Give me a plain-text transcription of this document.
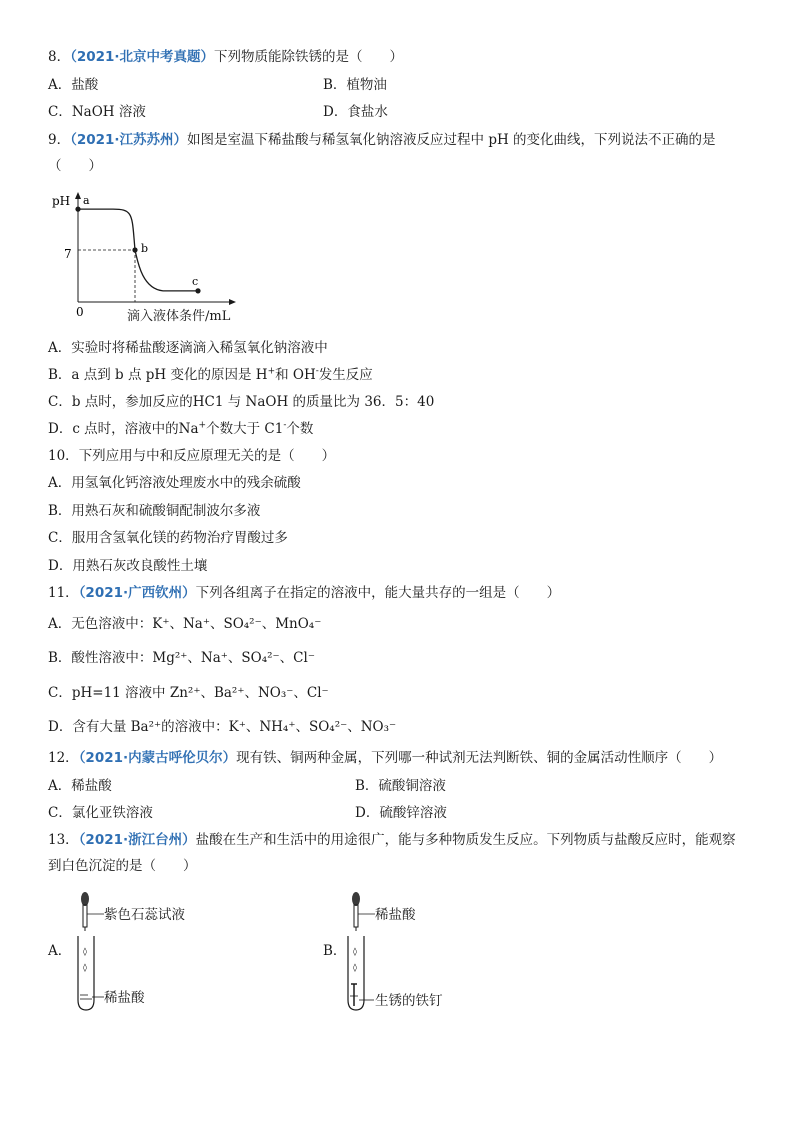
8．（2021·北京中考真题）下列物质能除铁锈的是（　　）
A．盐酸	B．植物油
C．NaOH 溶液	D．食盐水
9．（2021·江苏苏州）如图是室温下稀盐酸与稀氢氧化钠溶液反应过程中 pH 的变化曲线，下列说法不正确的是
（　　）
pH
0
7
a
b
c
滴入液体条件/mL
A．实验时将稀盐酸逐滴滴入稀氢氧化钠溶液中
B．a 点到 b 点 pH 变化的原因是 H+和 OH-发生反应
C．b 点时，参加反应的HC1 与 NaOH 的质量比为 36．5：40
D．c 点时，溶液中的Na+个数大于 C1-个数
10．下列应用与中和反应原理无关的是（　　）
A．用氢氧化钙溶液处理废水中的残余硫酸
B．用熟石灰和硫酸铜配制波尔多液
C．服用含氢氧化镁的药物治疗胃酸过多
D．用熟石灰改良酸性土壤
11．（2021·广西钦州）下列各组离子在指定的溶液中，能大量共存的一组是（　　）
A．无色溶液中：K⁺、Na⁺、SO₄²⁻、MnO₄⁻
B．酸性溶液中：Mg²⁺、Na⁺、SO₄²⁻、Cl⁻
C．pH=11 溶液中 Zn²⁺、Ba²⁺、NO₃⁻、Cl⁻
D．含有大量 Ba²⁺的溶液中：K⁺、NH₄⁺、SO₄²⁻、NO₃⁻
12．（2021·内蒙古呼伦贝尔）现有铁、铜两种金属，下列哪一种试剂无法判断铁、铜的金属活动性顺序（　　）
A．稀盐酸	B．硫酸铜溶液
C．氯化亚铁溶液	D．硫酸锌溶液
13．（2021·浙江台州）盐酸在生产和生活中的用途很广，能与多种物质发生反应。下列物质与盐酸反应时，能观察
到白色沉淀的是（　　）
A． ◊
◊
紫色石蕊试液
稀盐酸
B． ◊
◊
稀盐酸
生锈的铁钉
